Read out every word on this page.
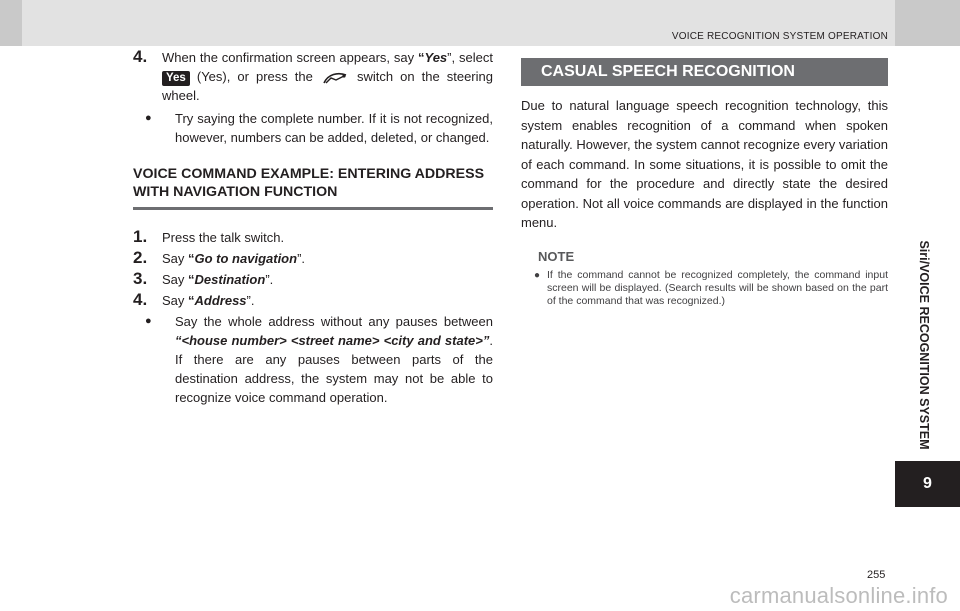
VOICE RECOGNITION SYSTEM OPERATION
Siri/VOICE RECOGNITION SYSTEM
9
4. When the confirmation screen appears, say “Yes”, select Yes (Yes), or press the  switch on the steering wheel.
●	Try saying the complete number. If it is not recognized, however, numbers can be added, deleted, or changed.
VOICE COMMAND EXAMPLE: ENTERING ADDRESS WITH NAVIGATION FUNCTION
1. Press the talk switch.
2. Say “Go to navigation”.
3. Say “Destination”.
4. Say “Address”.
●	Say the whole address without any pauses between “<house number> <street name> <city and state>”. If there are any pauses between parts of the destination address, the system may not be able to recognize voice command operation.
CASUAL SPEECH RECOGNITION
Due to natural language speech recognition technology, this system enables recognition of a command when spoken naturally. However, the system cannot recognize every variation of each command. In some situations, it is possible to omit the command for the procedure and directly state the desired operation. Not all voice commands are displayed in the function menu.
NOTE
● If the command cannot be recognized completely, the command input screen will be displayed. (Search results will be shown based on the part of the command that was recognized.)
255
carmanualsonline.info
